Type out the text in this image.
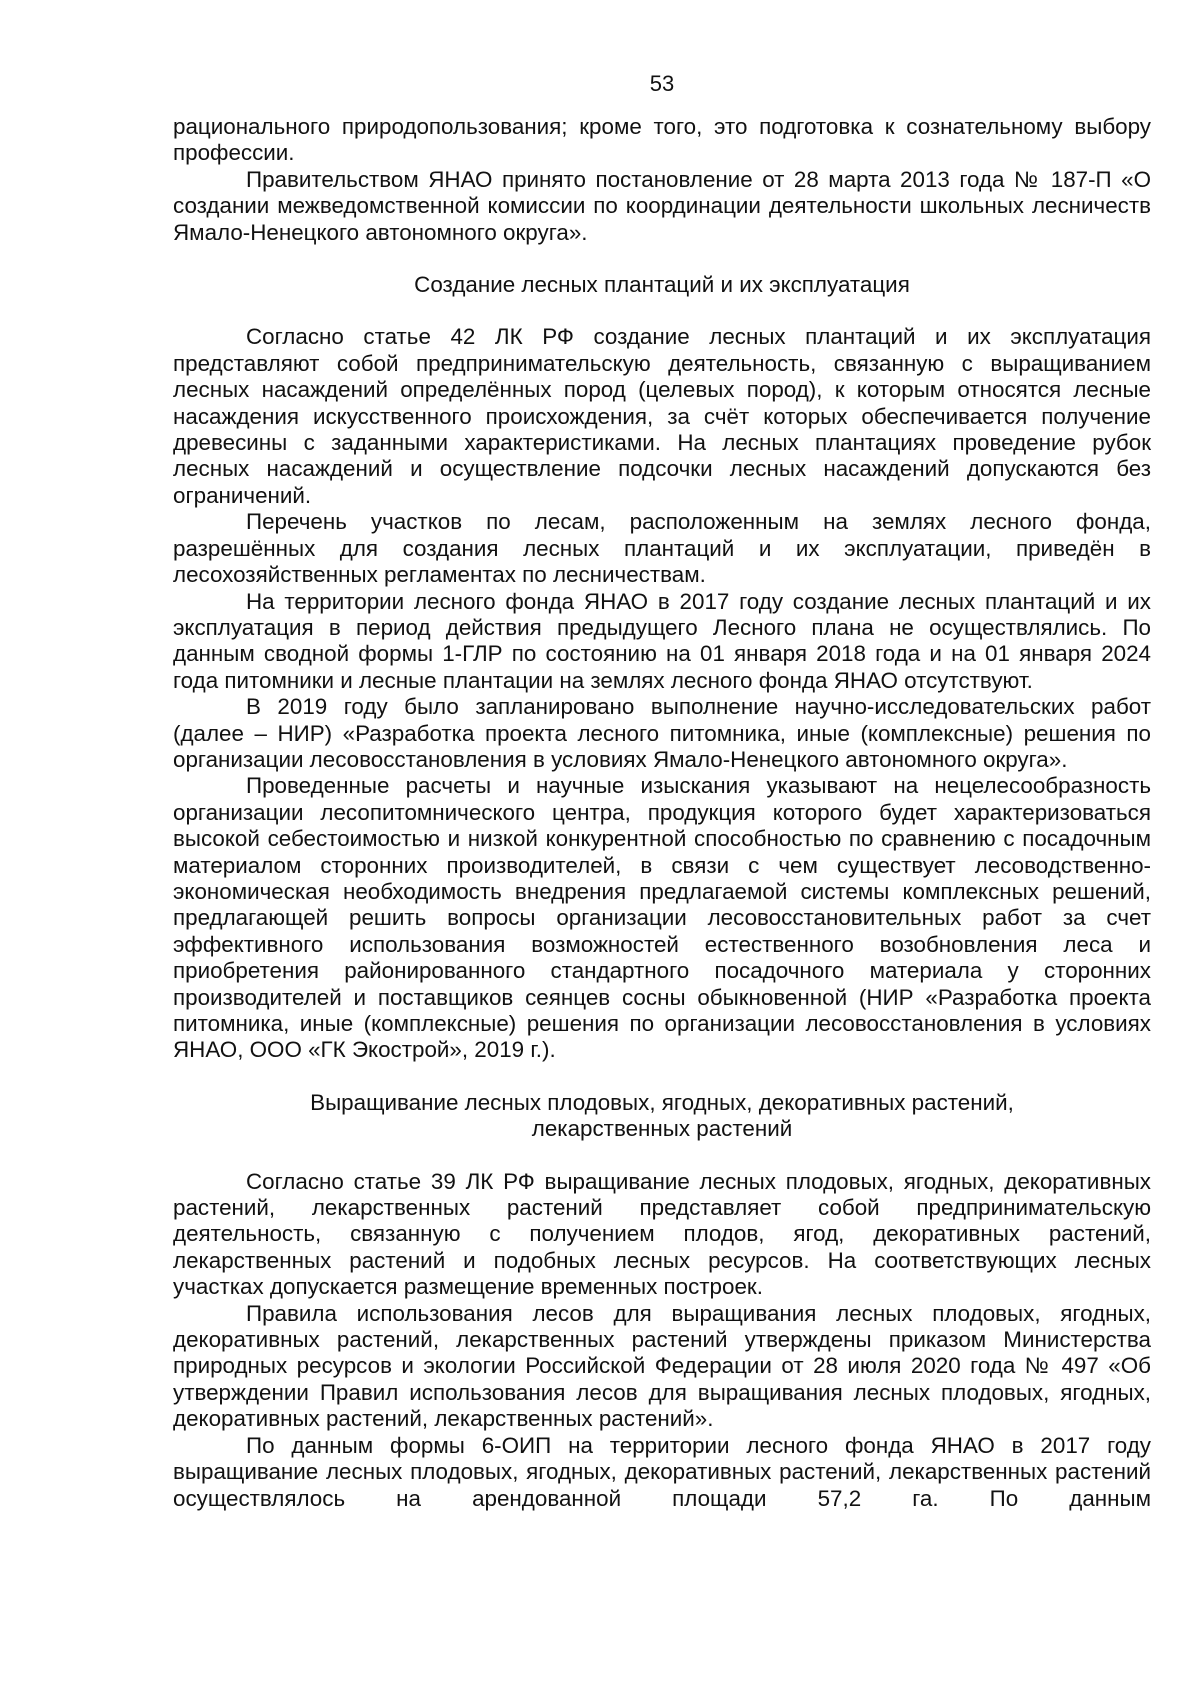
53

рационального природопользования; кроме того, это подготовка к сознательному выбору профессии.

Правительством ЯНАО принято постановление от 28 марта 2013 года № 187-П «О создании межведомственной комиссии по координации деятельности школьных лесничеств Ямало-Ненецкого автономного округа».

Создание лесных плантаций и их эксплуатация

Согласно статье 42 ЛК РФ создание лесных плантаций и их эксплуатация представляют собой предпринимательскую деятельность, связанную с выращиванием лесных насаждений определённых пород (целевых пород), к которым относятся лесные насаждения искусственного происхождения, за счёт которых обеспечивается получение древесины с заданными характеристиками. На лесных плантациях проведение рубок лесных насаждений и осуществление подсочки лесных насаждений допускаются без ограничений.

Перечень участков по лесам, расположенным на землях лесного фонда, разрешённых для создания лесных плантаций и их эксплуатации, приведён в лесохозяйственных регламентах по лесничествам.

На территории лесного фонда ЯНАО в 2017 году создание лесных плантаций и их эксплуатация в период действия предыдущего Лесного плана не осуществлялись. По данным сводной формы 1-ГЛР по состоянию на 01 января 2018 года и на 01 января 2024 года питомники и лесные плантации на землях лесного фонда ЯНАО отсутствуют.

В 2019 году было запланировано выполнение научно-исследовательских работ (далее – НИР) «Разработка проекта лесного питомника, иные (комплексные) решения по организации лесовосстановления в условиях Ямало-Ненецкого автономного округа».

Проведенные расчеты и научные изыскания указывают на нецелесообразность организации лесопитомнического центра, продукция которого будет характеризоваться высокой себестоимостью и низкой конкурентной способностью по сравнению с посадочным материалом сторонних производителей, в связи с чем существует лесоводственно-экономическая необходимость внедрения предлагаемой системы комплексных решений, предлагающей решить вопросы организации лесовосстановительных работ за счет эффективного использования возможностей естественного возобновления леса и приобретения районированного стандартного посадочного материала у сторонних производителей и поставщиков сеянцев сосны обыкновенной (НИР «Разработка проекта питомника, иные (комплексные) решения по организации лесовосстановления в условиях ЯНАО, ООО «ГК Экострой», 2019 г.).

Выращивание лесных плодовых, ягодных, декоративных растений,
лекарственных растений

Согласно статье 39 ЛК РФ выращивание лесных плодовых, ягодных, декоративных растений, лекарственных растений представляет собой предпринимательскую деятельность, связанную с получением плодов, ягод, декоративных растений, лекарственных растений и подобных лесных ресурсов. На соответствующих лесных участках допускается размещение временных построек.

Правила использования лесов для выращивания лесных плодовых, ягодных, декоративных растений, лекарственных растений утверждены приказом Министерства природных ресурсов и экологии Российской Федерации от 28 июля 2020 года № 497 «Об утверждении Правил использования лесов для выращивания лесных плодовых, ягодных, декоративных растений, лекарственных растений».

По данным формы 6-ОИП на территории лесного фонда ЯНАО в 2017 году выращивание лесных плодовых, ягодных, декоративных растений, лекарственных растений осуществлялось на арендованной площади 57,2 га. По данным
